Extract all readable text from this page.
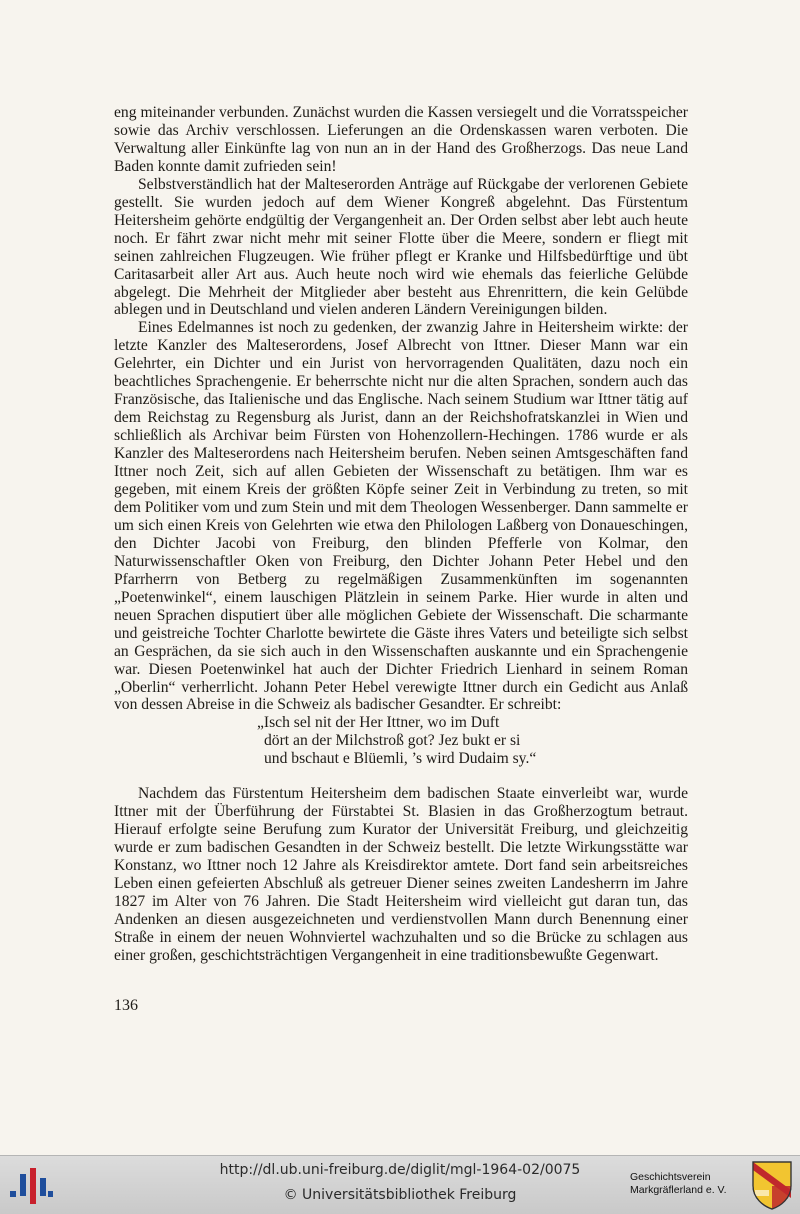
eng miteinander verbunden. Zunächst wurden die Kassen versiegelt und die Vorratsspeicher sowie das Archiv verschlossen. Lieferungen an die Ordenskassen waren verboten. Die Verwaltung aller Einkünfte lag von nun an in der Hand des Großherzogs. Das neue Land Baden konnte damit zufrieden sein!

Selbstverständlich hat der Malteserorden Anträge auf Rückgabe der verlorenen Gebiete gestellt. Sie wurden jedoch auf dem Wiener Kongreß abgelehnt. Das Fürstentum Heitersheim gehörte endgültig der Vergangenheit an. Der Orden selbst aber lebt auch heute noch. Er fährt zwar nicht mehr mit seiner Flotte über die Meere, sondern er fliegt mit seinen zahlreichen Flugzeugen. Wie früher pflegt er Kranke und Hilfsbedürftige und übt Caritasarbeit aller Art aus. Auch heute noch wird wie ehemals das feierliche Gelübde abgelegt. Die Mehrheit der Mitglieder aber besteht aus Ehrenrittern, die kein Gelübde ablegen und in Deutschland und vielen anderen Ländern Vereinigungen bilden.

Eines Edelmannes ist noch zu gedenken, der zwanzig Jahre in Heitersheim wirkte: der letzte Kanzler des Malteserordens, Josef Albrecht von Ittner. Dieser Mann war ein Gelehrter, ein Dichter und ein Jurist von hervorragenden Qualitäten, dazu noch ein beachtliches Sprachengenie. Er beherrschte nicht nur die alten Sprachen, sondern auch das Französische, das Italienische und das Englische. Nach seinem Studium war Ittner tätig auf dem Reichstag zu Regensburg als Jurist, dann an der Reichshofratskanzlei in Wien und schließlich als Archivar beim Fürsten von Hohenzollern-Hechingen. 1786 wurde er als Kanzler des Malteserordens nach Heitersheim berufen. Neben seinen Amtsgeschäften fand Ittner noch Zeit, sich auf allen Gebieten der Wissenschaft zu betätigen. Ihm war es gegeben, mit einem Kreis der größten Köpfe seiner Zeit in Verbindung zu treten, so mit dem Politiker vom und zum Stein und mit dem Theologen Wessenberger. Dann sammelte er um sich einen Kreis von Gelehrten wie etwa den Philologen Laßberg von Donaueschingen, den Dichter Jacobi von Freiburg, den blinden Pfefferle von Kolmar, den Naturwissenschaftler Oken von Freiburg, den Dichter Johann Peter Hebel und den Pfarrherrn von Betberg zu regelmäßigen Zusammenkünften im sogenannten „Poetenwinkel“, einem lauschigen Plätzlein in seinem Parke. Hier wurde in alten und neuen Sprachen disputiert über alle möglichen Gebiete der Wissenschaft. Die scharmante und geistreiche Tochter Charlotte bewirtete die Gäste ihres Vaters und beteiligte sich selbst an Gesprächen, da sie sich auch in den Wissenschaften auskannte und ein Sprachengenie war. Diesen Poetenwinkel hat auch der Dichter Friedrich Lienhard in seinem Roman „Oberlin“ verherrlicht. Johann Peter Hebel verewigte Ittner durch ein Gedicht aus Anlaß von dessen Abreise in die Schweiz als badischer Gesandter. Er schreibt:

„Isch sel nit der Her Ittner, wo im Duft
dört an der Milchstroß got? Jez bukt er si
und bschaut e Blüemli, ’s wird Dudaim sy.“

Nachdem das Fürstentum Heitersheim dem badischen Staate einverleibt war, wurde Ittner mit der Überführung der Fürstabtei St. Blasien in das Großherzogtum betraut. Hierauf erfolgte seine Berufung zum Kurator der Universität Freiburg, und gleichzeitig wurde er zum badischen Gesandten in der Schweiz bestellt. Die letzte Wirkungsstätte war Konstanz, wo Ittner noch 12 Jahre als Kreisdirektor amtete. Dort fand sein arbeitsreiches Leben einen gefeierten Abschluß als getreuer Diener seines zweiten Landesherrn im Jahre 1827 im Alter von 76 Jahren. Die Stadt Heitersheim wird vielleicht gut daran tun, das Andenken an diesen ausgezeichneten und verdienstvollen Mann durch Benennung einer Straße in einem der neuen Wohnviertel wachzuhalten und so die Brücke zu schlagen aus einer großen, geschichtsträchtigen Vergangenheit in eine traditionsbewußte Gegenwart.

136
http://dl.ub.uni-freiburg.de/diglit/mgl-1964-02/0075
© Universitätsbibliothek Freiburg
Geschichtsverein
Markgräflerland e. V.
